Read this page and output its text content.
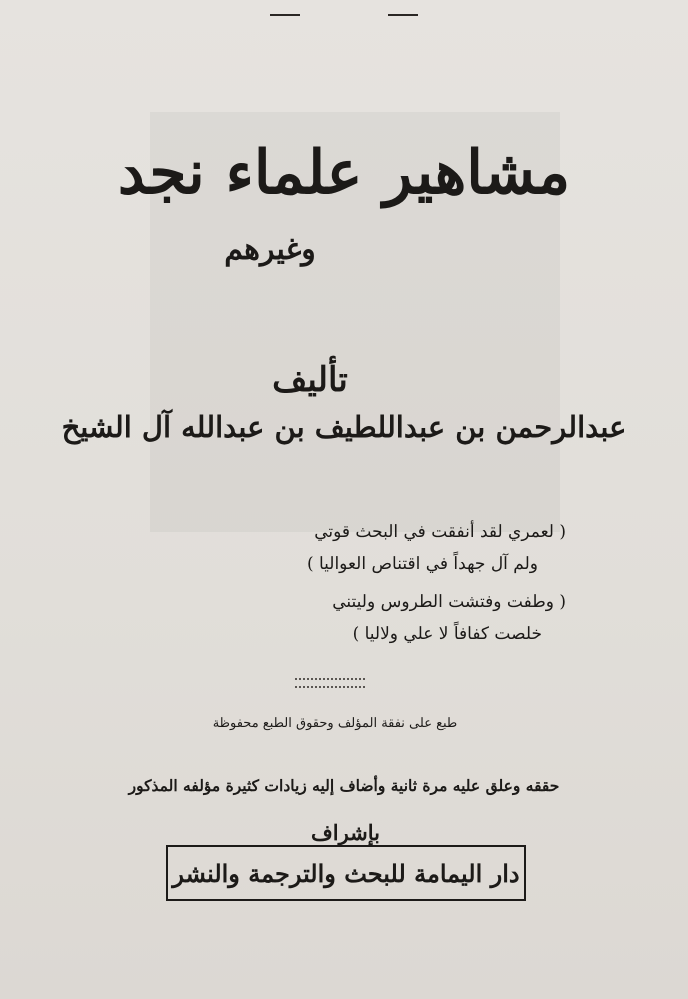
مشاهير علماء نجد
وغيرهم
تأليف
عبدالرحمن بن عبداللطيف بن عبدالله آل الشيخ
( لعمري لقد أنفقت في البحث قوتي
ولم آل جهداً في اقتناص العواليا )
( وطفت وفتشت الطروس وليتني
خلصت كفافاً لا علي ولاليا )
طبع على نفقة المؤلف وحقوق الطبع محفوظة
حققه وعلق عليه مرة ثانية وأضاف إليه زيادات كثيرة مؤلفه المذكور
بإشراف
دار اليمامة للبحث والترجمة والنشر
